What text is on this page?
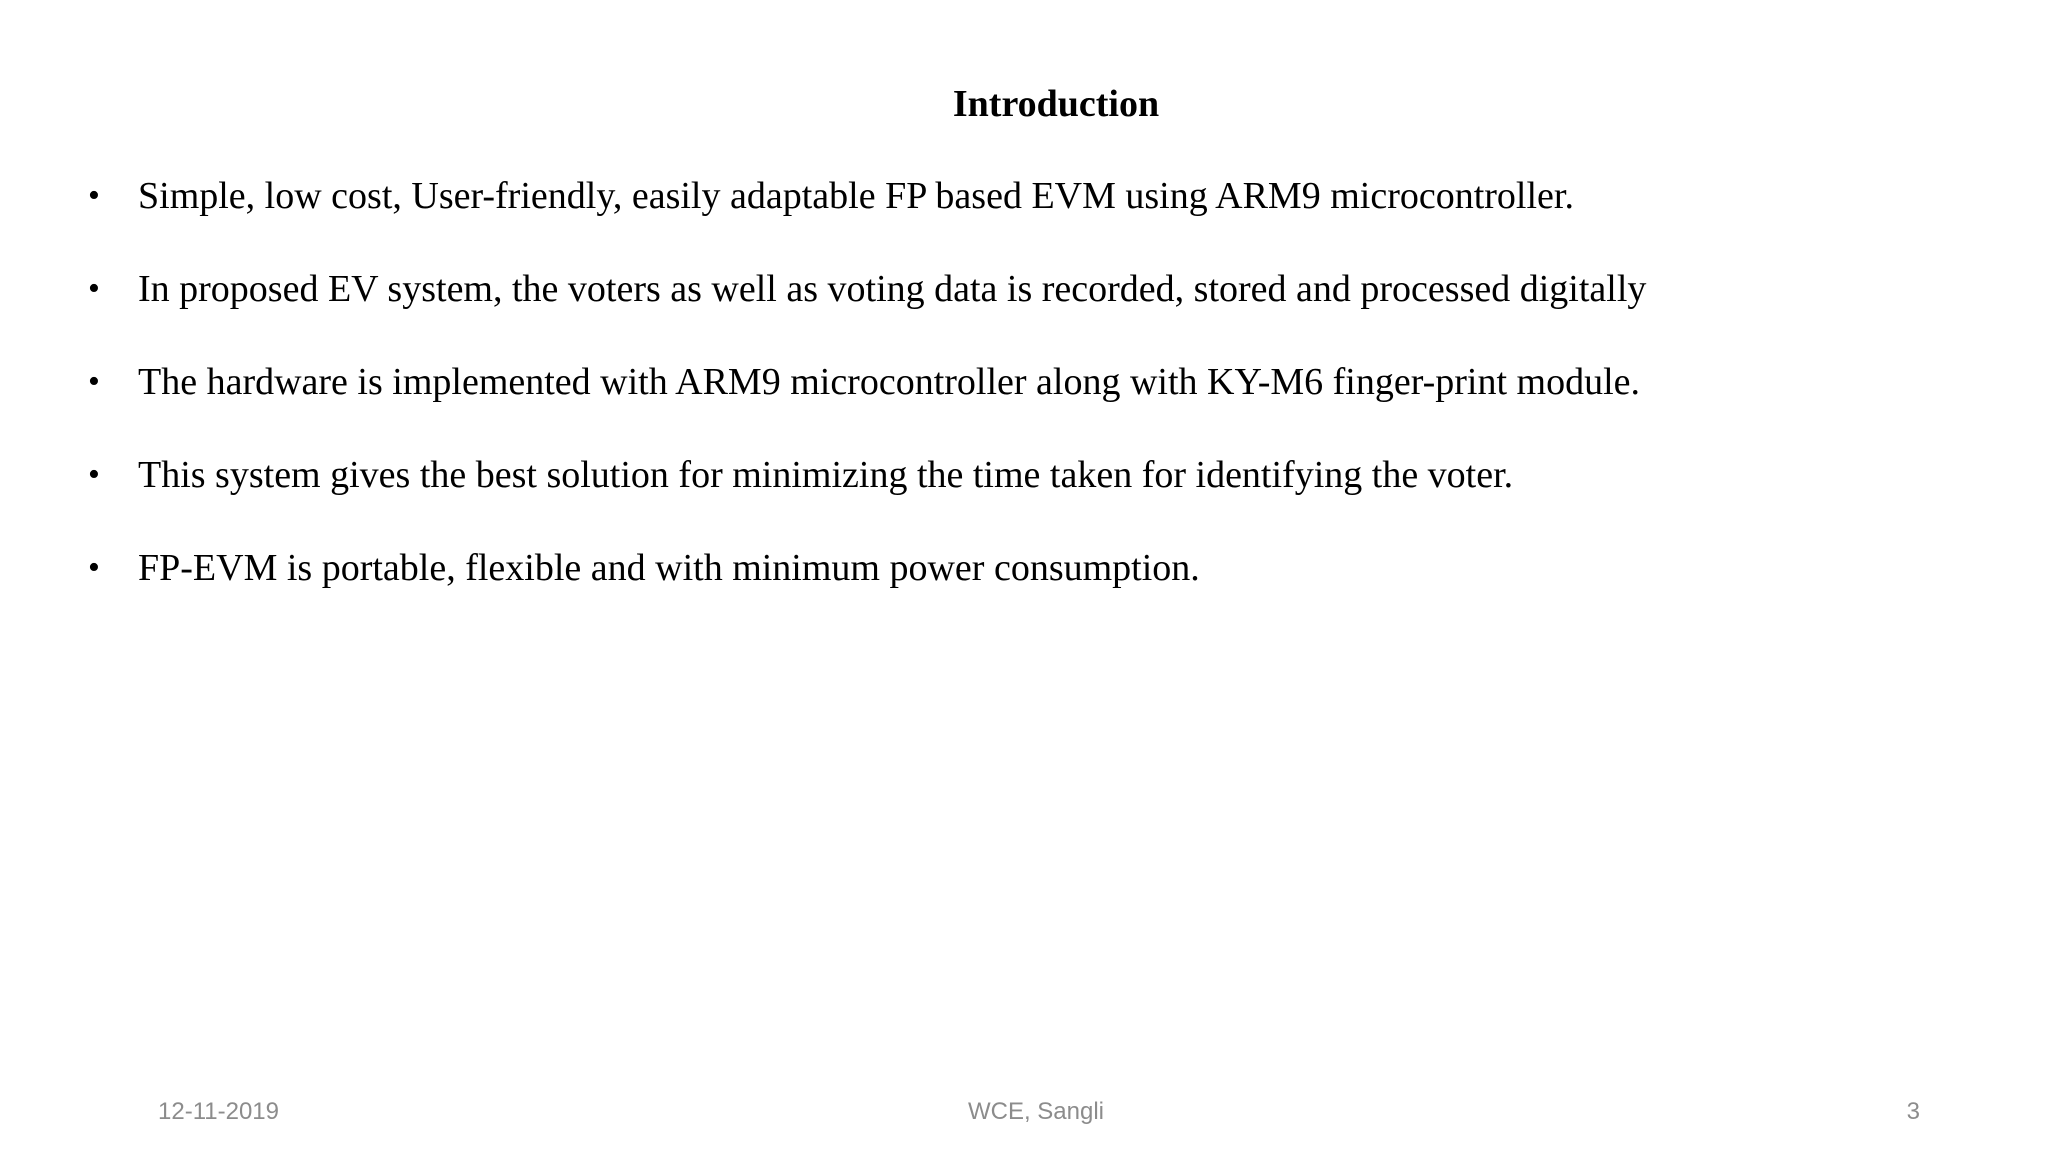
Introduction
•	Simple, low cost, User-friendly, easily adaptable FP based EVM using ARM9 microcontroller.
•	In proposed EV system, the voters as well as voting data is recorded, stored and processed digitally
•	The hardware is implemented with ARM9 microcontroller along with KY-M6 finger-print module.
•	This system gives the best solution for minimizing the time taken for identifying the voter.
•	FP-EVM is portable, flexible and with minimum power consumption.
12-11-2019	WCE, Sangli	3
